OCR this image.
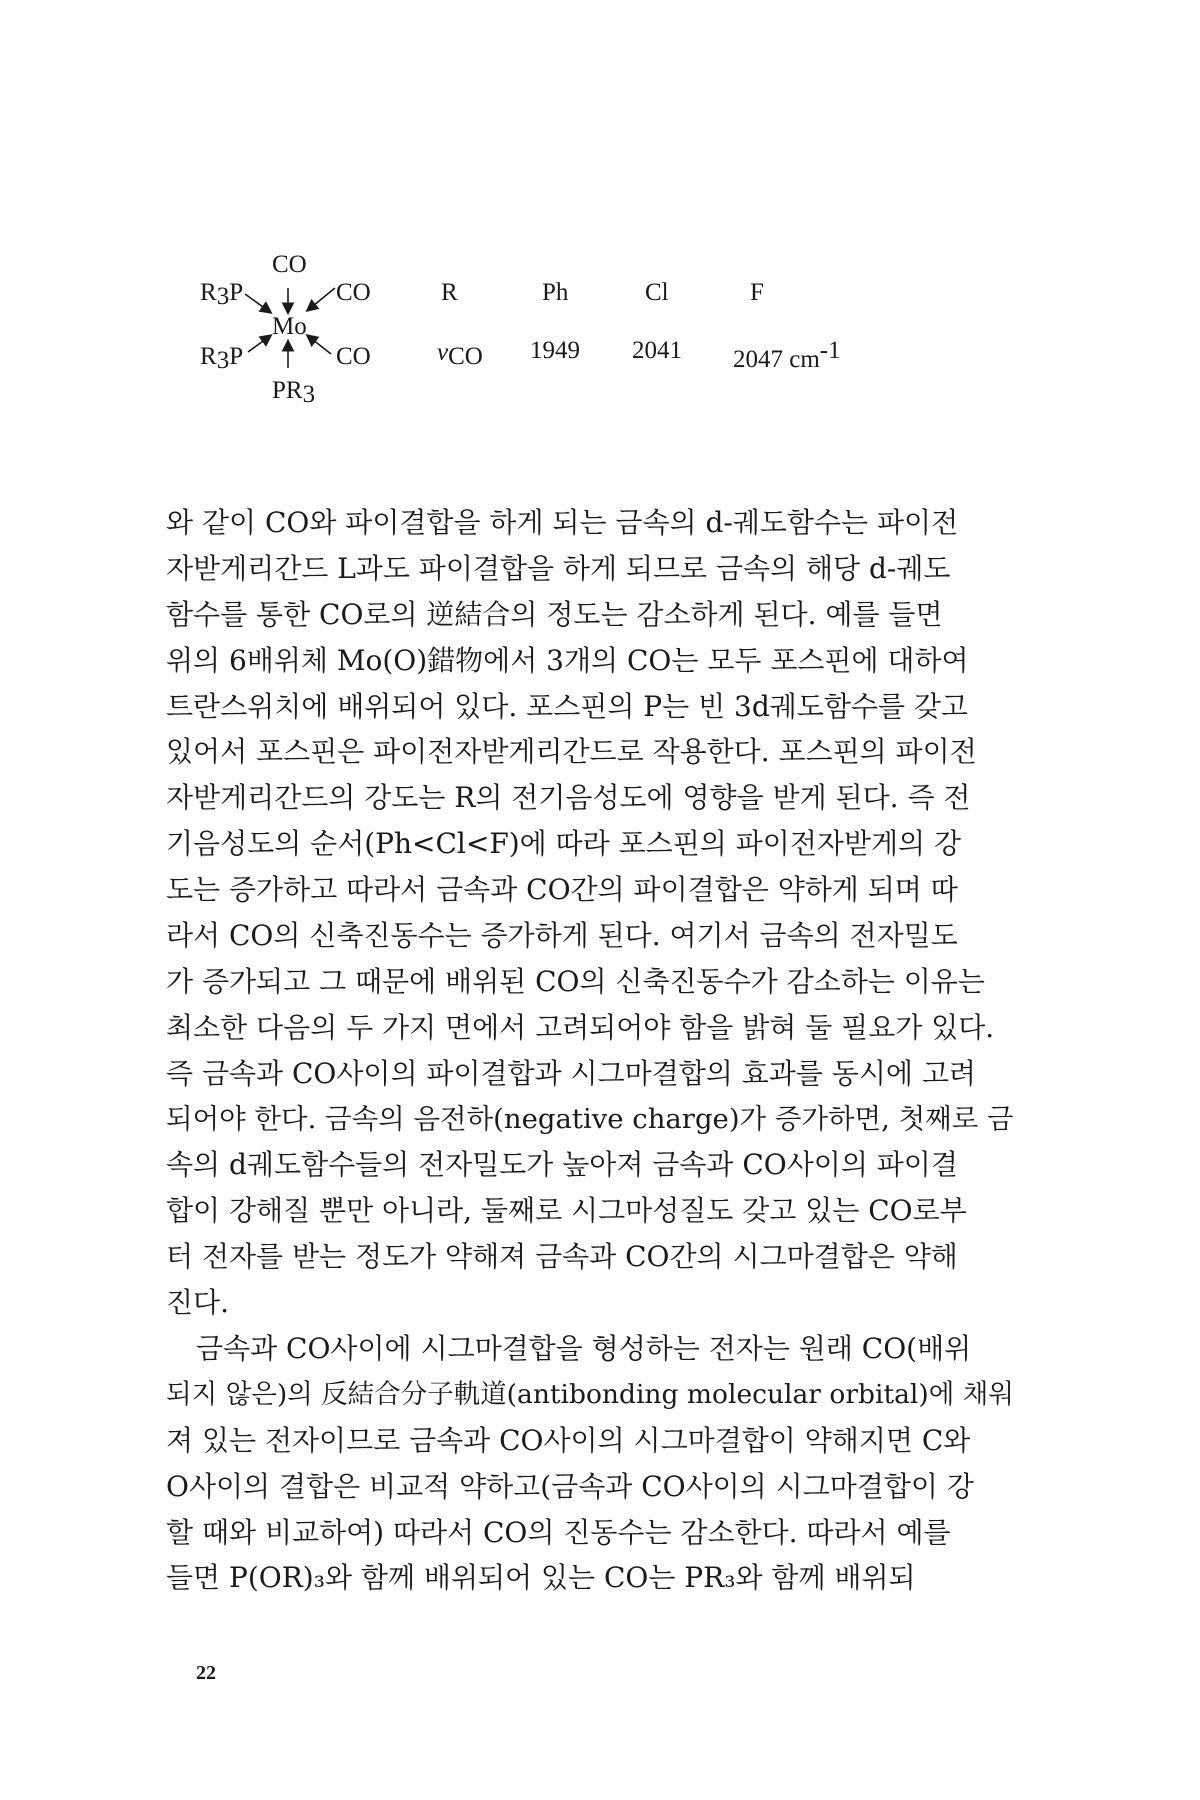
CO
R3P	CO
Mo
R3P	CO
PR3
R	Ph	Cl	F
νCO 1949 2041 2047 cm-1
와 같이 CO와 파이결합을 하게 되는 금속의 d-궤도함수는 파이전
자받게리간드 L과도 파이결합을 하게 되므로 금속의 해당 d-궤도
함수를 통한 CO로의 逆結合의 정도는 감소하게 된다. 예를 들면
위의 6배위체 Mo(O)錯物에서 3개의 CO는 모두 포스핀에 대하여
트란스위치에 배위되어 있다. 포스핀의 P는 빈 3d궤도함수를 갖고
있어서 포스핀은 파이전자받게리간드로 작용한다. 포스핀의 파이전
자받게리간드의 강도는 R의 전기음성도에 영향을 받게 된다. 즉 전
기음성도의 순서(Ph<Cl<F)에 따라 포스핀의 파이전자받게의 강
도는 증가하고 따라서 금속과 CO간의 파이결합은 약하게 되며 따
라서 CO의 신축진동수는 증가하게 된다. 여기서 금속의 전자밀도
가 증가되고 그 때문에 배위된 CO의 신축진동수가 감소하는 이유는
최소한 다음의 두 가지 면에서 고려되어야 함을 밝혀 둘 필요가 있다.
즉 금속과 CO사이의 파이결합과 시그마결합의 효과를 동시에 고려
되어야 한다. 금속의 음전하(negative charge)가 증가하면, 첫째로 금
속의 d궤도함수들의 전자밀도가 높아져 금속과 CO사이의 파이결
합이 강해질 뿐만 아니라, 둘째로 시그마성질도 갖고 있는 CO로부
터 전자를 받는 정도가 약해져 금속과 CO간의 시그마결합은 약해
진다.
금속과 CO사이에 시그마결합을 형성하는 전자는 원래 CO(배위
되지 않은)의 反結合分子軌道(antibonding molecular orbital)에 채워
져 있는 전자이므로 금속과 CO사이의 시그마결합이 약해지면 C와
O사이의 결합은 비교적 약하고(금속과 CO사이의 시그마결합이 강
할 때와 비교하여) 따라서 CO의 진동수는 감소한다. 따라서 예를
들면 P(OR)₃와 함께 배위되어 있는 CO는 PR₃와 함께 배위되
22
